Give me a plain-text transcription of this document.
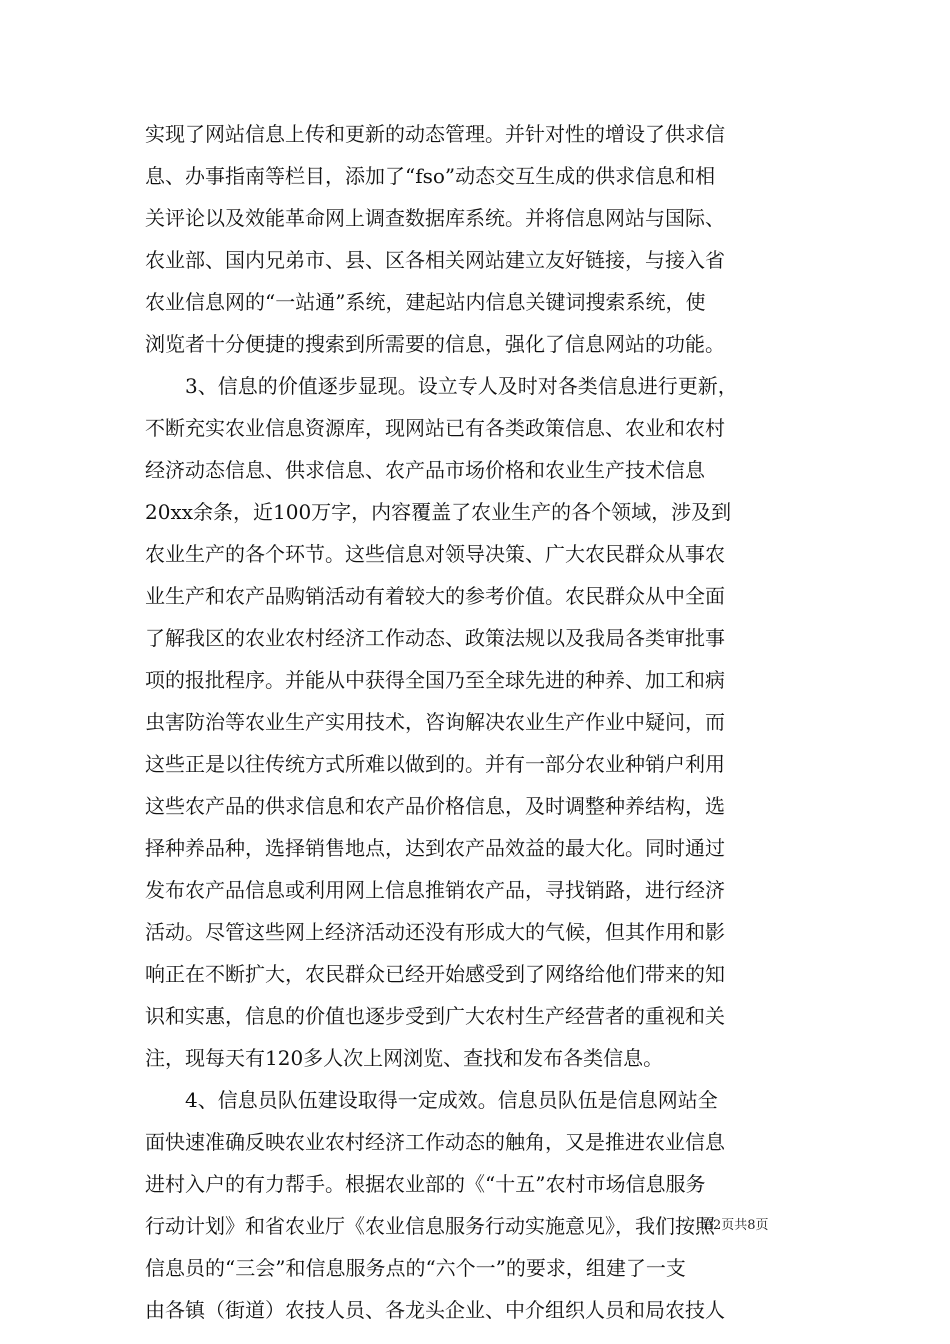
实现了网站信息上传和更新的动态管理。并针对性的增设了供求信
息、办事指南等栏目，添加了“fso”动态交互生成的供求信息和相
关评论以及效能革命网上调查数据库系统。并将信息网站与国际、
农业部、国内兄弟市、县、区各相关网站建立友好链接，与接入省
农业信息网的“一站通”系统，建起站内信息关键词搜索系统，使
浏览者十分便捷的搜索到所需要的信息，强化了信息网站的功能。
3、信息的价值逐步显现。设立专人及时对各类信息进行更新，
不断充实农业信息资源库，现网站已有各类政策信息、农业和农村
经济动态信息、供求信息、农产品市场价格和农业生产技术信息
20xx余条，近100万字，内容覆盖了农业生产的各个领域，涉及到
农业生产的各个环节。这些信息对领导决策、广大农民群众从事农
业生产和农产品购销活动有着较大的参考价值。农民群众从中全面
了解我区的农业农村经济工作动态、政策法规以及我局各类审批事
项的报批程序。并能从中获得全国乃至全球先进的种养、加工和病
虫害防治等农业生产实用技术，咨询解决农业生产作业中疑问，而
这些正是以往传统方式所难以做到的。并有一部分农业种销户利用
这些农产品的供求信息和农产品价格信息，及时调整种养结构，选
择种养品种，选择销售地点，达到农产品效益的最大化。同时通过
发布农产品信息或利用网上信息推销农产品，寻找销路，进行经济
活动。尽管这些网上经济活动还没有形成大的气候，但其作用和影
响正在不断扩大，农民群众已经开始感受到了网络给他们带来的知
识和实惠，信息的价值也逐步受到广大农村生产经营者的重视和关
注，现每天有120多人次上网浏览、查找和发布各类信息。
4、信息员队伍建设取得一定成效。信息员队伍是信息网站全
面快速准确反映农业农村经济工作动态的触角，又是推进农业信息
进村入户的有力帮手。根据农业部的《“十五”农村市场信息服务
行动计划》和省农业厅《农业信息服务行动实施意见》，我们按照
信息员的“三会”和信息服务点的“六个一”的要求，组建了一支
由各镇（街道）农技人员、各龙头企业、中介组织人员和局农技人
第2页共8页
